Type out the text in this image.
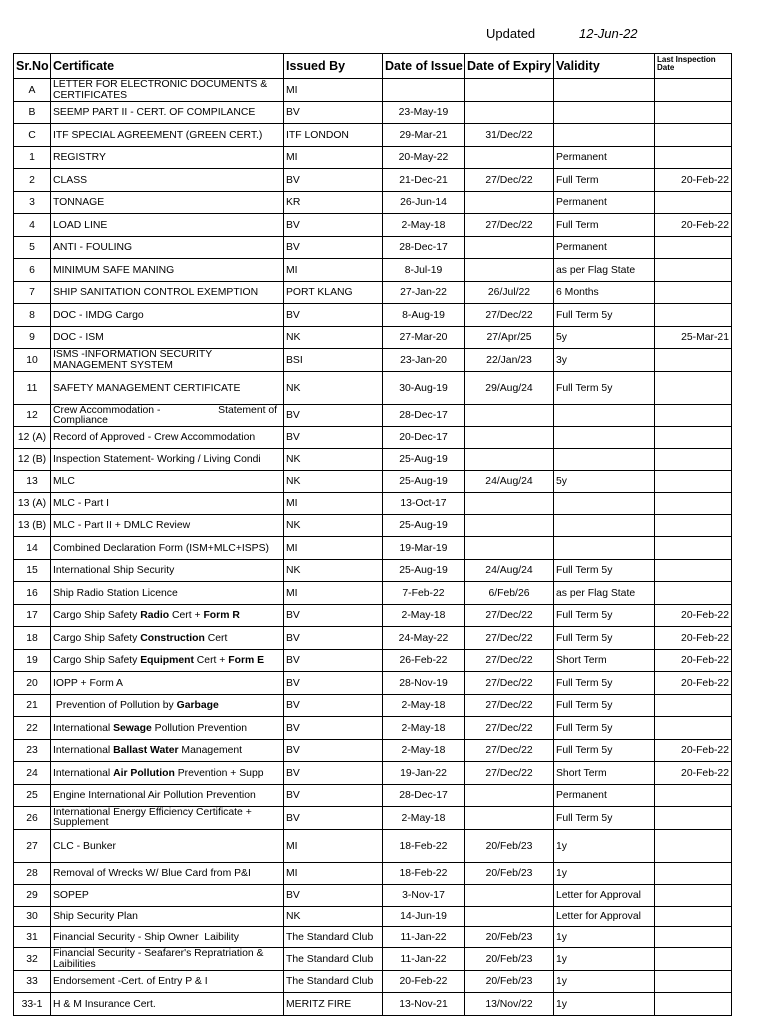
Updated	12-Jun-22
Sr.No	Certificate	Issued By	Date of Issue	Date of Expiry	Validity	Last Inspection Date
A	LETTER FOR ELECTRONIC DOCUMENTS & CERTIFICATES	MI				
B	SEEMP PART II - CERT. OF COMPILANCE	BV	23-May-19			
C	ITF SPECIAL AGREEMENT (GREEN CERT.)	ITF LONDON	29-Mar-21	31/Dec/22		
1	REGISTRY	MI	20-May-22		Permanent	
2	CLASS	BV	21-Dec-21	27/Dec/22	Full Term	20-Feb-22
3	TONNAGE	KR	26-Jun-14		Permanent	
4	LOAD LINE	BV	2-May-18	27/Dec/22	Full Term	20-Feb-22
5	ANTI - FOULING	BV	28-Dec-17		Permanent	
6	MINIMUM SAFE MANING	MI	8-Jul-19		as per Flag State	
7	SHIP SANITATION CONTROL EXEMPTION	PORT KLANG	27-Jan-22	26/Jul/22	6 Months	
8	DOC - IMDG Cargo	BV	8-Aug-19	27/Dec/22	Full Term 5y	
9	DOC - ISM	NK	27-Mar-20	27/Apr/25	5y	25-Mar-21
10	ISMS -INFORMATION SECURITY MANAGEMENT SYSTEM	BSI	23-Jan-20	22/Jan/23	3y	
11	SAFETY MANAGEMENT CERTIFICATE	NK	30-Aug-19	29/Aug/24	Full Term 5y	
12	Crew Accommodation -                    Statement of Compliance	BV	28-Dec-17			
12 (A)	Record of Approved - Crew Accommodation	BV	20-Dec-17			
12 (B)	Inspection Statement- Working / Living Condi	NK	25-Aug-19			
13	MLC	NK	25-Aug-19	24/Aug/24	5y	
13 (A)	MLC - Part I	MI	13-Oct-17			
13 (B)	MLC - Part II + DMLC Review	NK	25-Aug-19			
14	Combined Declaration Form (ISM+MLC+ISPS)	MI	19-Mar-19			
15	International Ship Security	NK	25-Aug-19	24/Aug/24	Full Term 5y	
16	Ship Radio Station Licence	MI	7-Feb-22	6/Feb/26	as per Flag State	
17	Cargo Ship Safety Radio Cert + Form R	BV	2-May-18	27/Dec/22	Full Term 5y	20-Feb-22
18	Cargo Ship Safety Construction Cert	BV	24-May-22	27/Dec/22	Full Term 5y	20-Feb-22
19	Cargo Ship Safety Equipment Cert + Form E	BV	26-Feb-22	27/Dec/22	Short Term	20-Feb-22
20	IOPP + Form A	BV	28-Nov-19	27/Dec/22	Full Term 5y	20-Feb-22
21	Prevention of Pollution by Garbage	BV	2-May-18	27/Dec/22	Full Term 5y	
22	International Sewage Pollution Prevention	BV	2-May-18	27/Dec/22	Full Term 5y	
23	International Ballast Water Management	BV	2-May-18	27/Dec/22	Full Term 5y	20-Feb-22
24	International Air Pollution Prevention + Supp	BV	19-Jan-22	27/Dec/22	Short Term	20-Feb-22
25	Engine International Air Pollution Prevention	BV	28-Dec-17		Permanent	
26	International Energy Efficiency Certificate + Supplement	BV	2-May-18		Full Term 5y	
27	CLC - Bunker	MI	18-Feb-22	20/Feb/23	1y	
28	Removal of Wrecks W/ Blue Card from P&I	MI	18-Feb-22	20/Feb/23	1y	
29	SOPEP	BV	3-Nov-17		Letter for Approval	
30	Ship Security Plan	NK	14-Jun-19		Letter for Approval	
31	Financial Security - Ship Owner  Laibility	The Standard Club	11-Jan-22	20/Feb/23	1y	
32	Financial Security - Seafarer's Repratriation & Laibilities	The Standard Club	11-Jan-22	20/Feb/23	1y	
33	Endorsement -Cert. of Entry P & I	The Standard Club	20-Feb-22	20/Feb/23	1y	
33-1	H & M Insurance Cert.	MERITZ FIRE	13-Nov-21	13/Nov/22	1y	
